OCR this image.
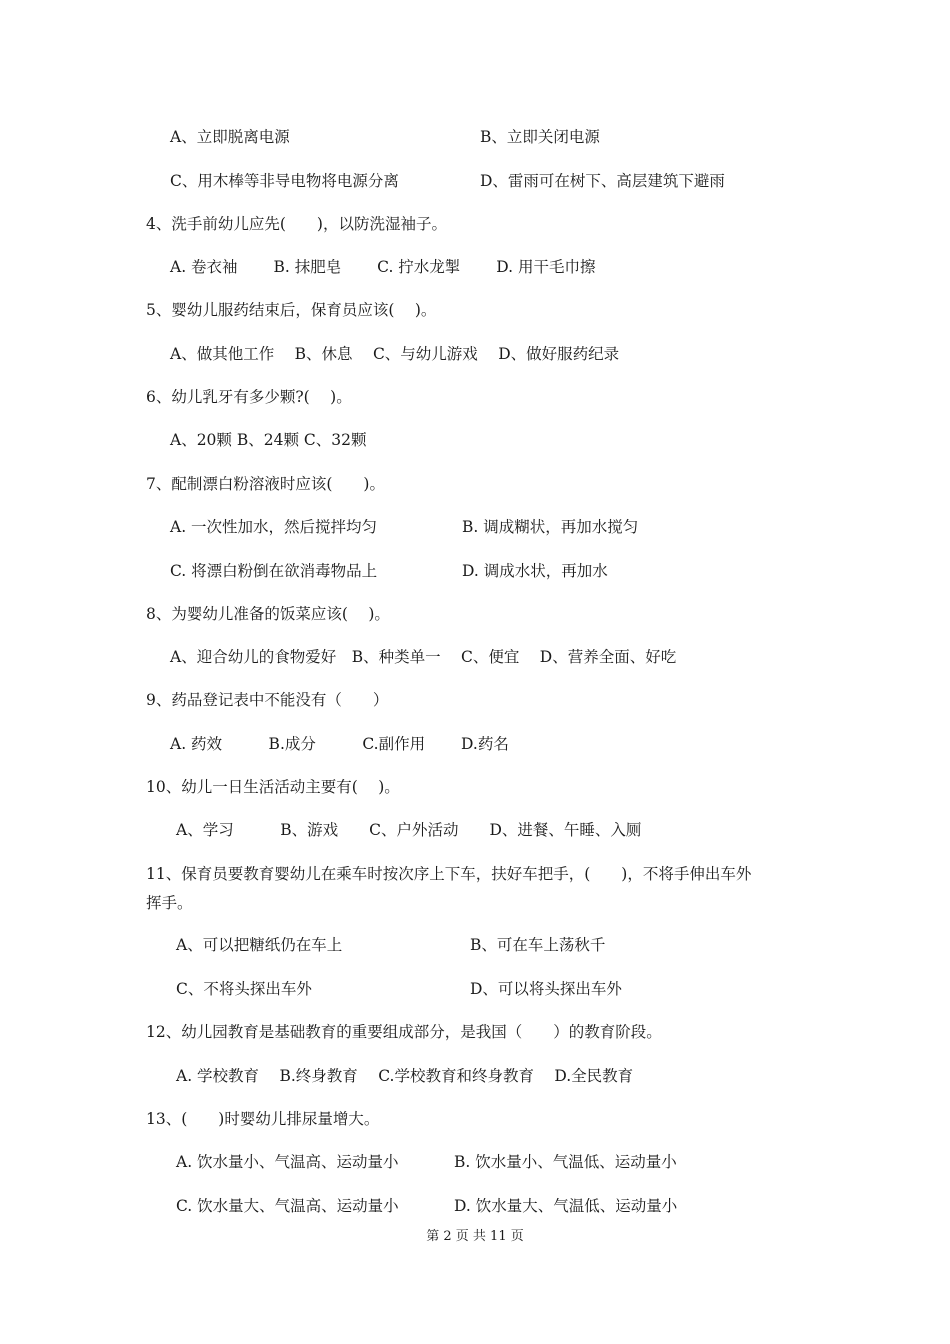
A、立即脱离电源	B、立即关闭电源
C、用木棒等非导电物将电源分离	D、雷雨可在树下、高层建筑下避雨
4、洗手前幼儿应先(　　)，以防洗湿袖子。
A. 卷衣袖　　 B. 抹肥皂　　 C. 拧水龙掣　　 D. 用干毛巾擦
5、婴幼儿服药结束后，保育员应该(　 )。
A、做其他工作　 B、休息　 C、与幼儿游戏　 D、做好服药纪录
6、幼儿乳牙有多少颗?(　 )。
A、20颗 B、24颗 C、32颗
7、配制漂白粉溶液时应该(　　)。
A. 一次性加水，然后搅拌均匀	B. 调成糊状，再加水搅匀
C. 将漂白粉倒在欲消毒物品上	D. 调成水状，再加水
8、为婴幼儿准备的饭菜应该(　 )。
A、迎合幼儿的食物爱好　B、种类单一　 C、便宜　 D、营养全面、好吃
9、药品登记表中不能没有（　　）
A. 药效　　　B.成分　　　C.副作用　　 D.药名
10、幼儿一日生活活动主要有(　 )。
A、学习　　　B、游戏　　C、户外活动　　D、进餐、午睡、入厕
11、保育员要教育婴幼儿在乘车时按次序上下车，扶好车把手，(　　)，不将手伸出车外
挥手。
A、可以把糖纸仍在车上	B、可在车上荡秋千
C、不将头探出车外	D、可以将头探出车外
12、幼儿园教育是基础教育的重要组成部分，是我国（　　）的教育阶段。
A. 学校教育　 B.终身教育　 C.学校教育和终身教育　 D.全民教育
13、(　　)时婴幼儿排尿量增大。
A. 饮水量小、气温高、运动量小	B. 饮水量小、气温低、运动量小
C. 饮水量大、气温高、运动量小	D. 饮水量大、气温低、运动量小
第 2 页 共 11 页
